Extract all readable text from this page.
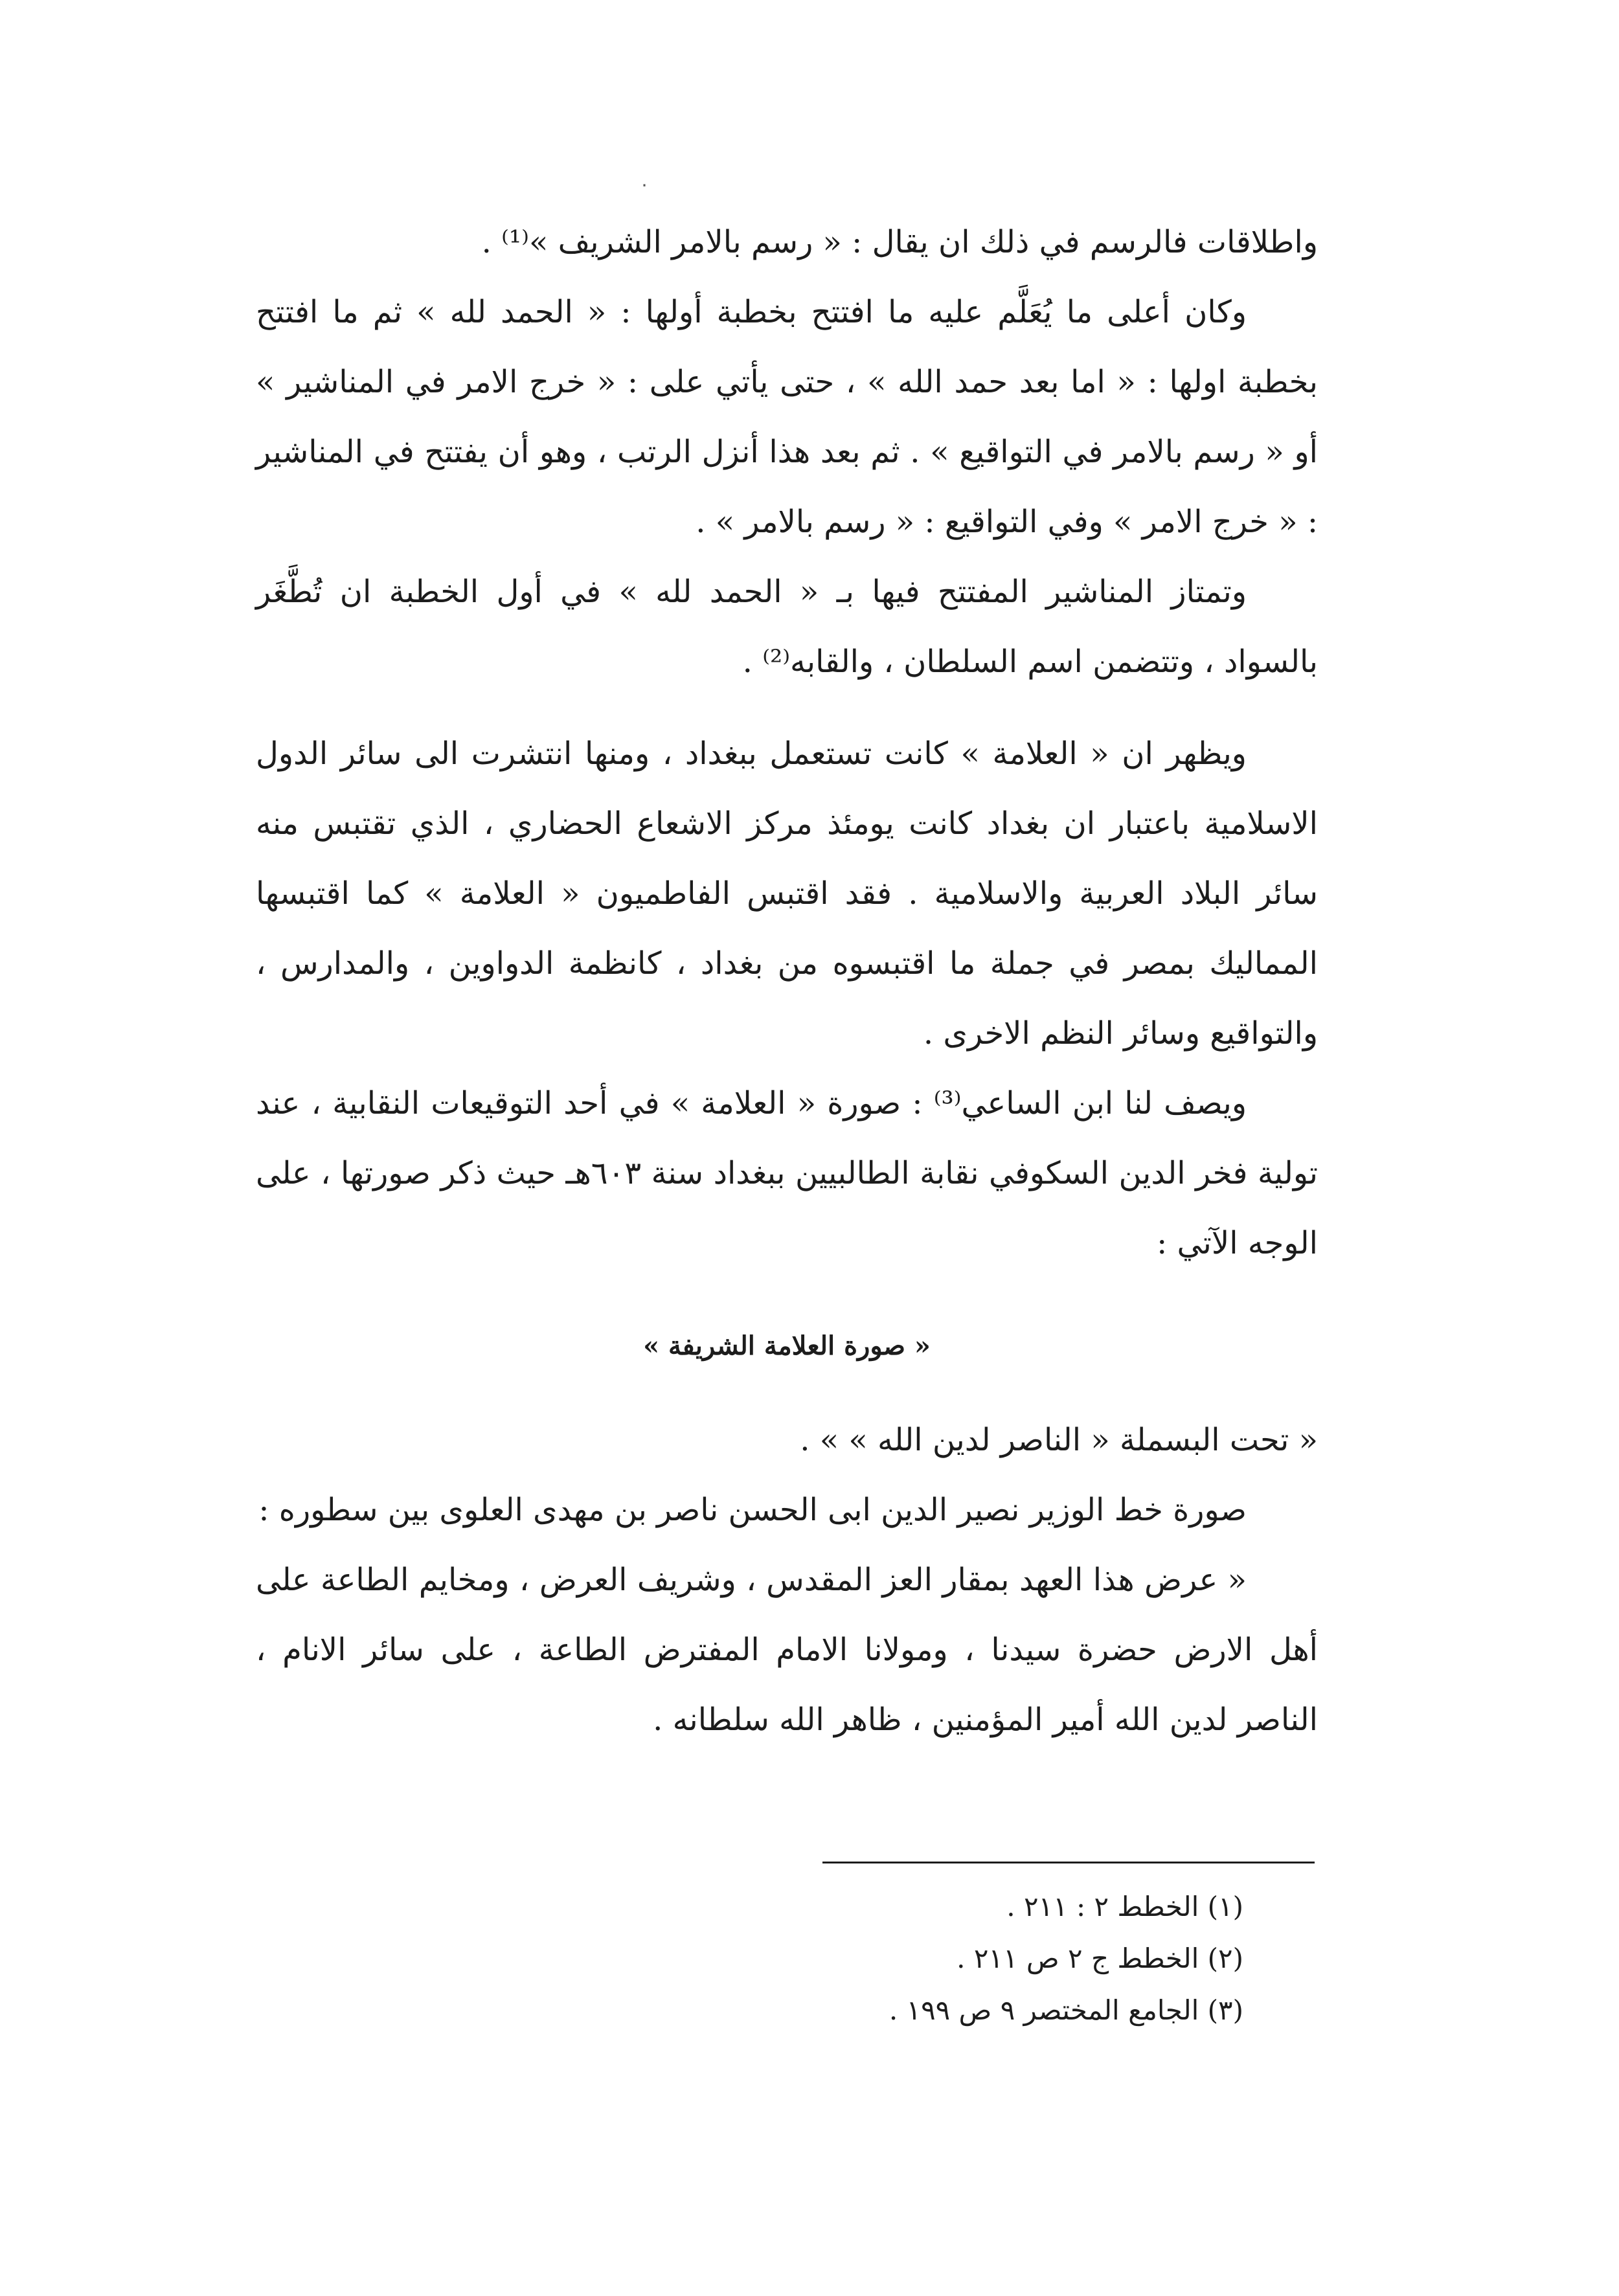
٠

واطلاقات فالرسم في ذلك ان يقال : « رسم بالامر الشريف »⁽¹⁾ .

وكان أعلى ما يُعَلَّم عليه ما افتتح بخطبة أولها : « الحمد لله » ثم ما افتتح بخطبة اولها : « اما بعد حمد الله » ، حتى يأتي على : « خرج الامر في المناشير » أو « رسم بالامر في التواقيع » . ثم بعد هذا أنزل الرتب ، وهو أن يفتتح في المناشير : « خرج الامر » وفي التواقيع : « رسم بالامر » .

وتمتاز المناشير المفتتح فيها بـ « الحمد لله » في أول الخطبة ان تُطَّغَر بالسواد ، وتتضمن اسم السلطان ، والقابه⁽²⁾ .

ويظهر ان « العلامة » كانت تستعمل ببغداد ، ومنها انتشرت الى سائر الدول الاسلامية باعتبار ان بغداد كانت يومئذ مركز الاشعاع الحضاري ، الذي تقتبس منه سائر البلاد العربية والاسلامية . فقد اقتبس الفاطميون « العلامة » كما اقتبسها المماليك بمصر في جملة ما اقتبسوه من بغداد ، كانظمة الدواوين ، والمدارس ، والتواقيع وسائر النظم الاخرى .

ويصف لنا ابن الساعي⁽³⁾ : صورة « العلامة » في أحد التوقيعات النقابية ، عند تولية فخر الدين السكوفي نقابة الطالبيين ببغداد سنة ٦٠٣هـ حيث ذكر صورتها ، على الوجه الآتي :

« صورة العلامة الشريفة »

« تحت البسملة « الناصر لدين الله » » .

صورة خط الوزير نصير الدين ابى الحسن ناصر بن مهدى العلوى بين سطوره :

« عرض هذا العهد بمقار العز المقدس ، وشريف العرض ، ومخايم الطاعة على أهل الارض حضرة سيدنا ، ومولانا الامام المفترض الطاعة ، على سائر الانام ، الناصر لدين الله أمير المؤمنين ، ظاهر الله سلطانه .

(١) الخطط ٢ : ٢١١ .

(٢) الخطط ج ٢ ص ٢١١ .

(٣) الجامع المختصر ٩ ص ١٩٩ .
